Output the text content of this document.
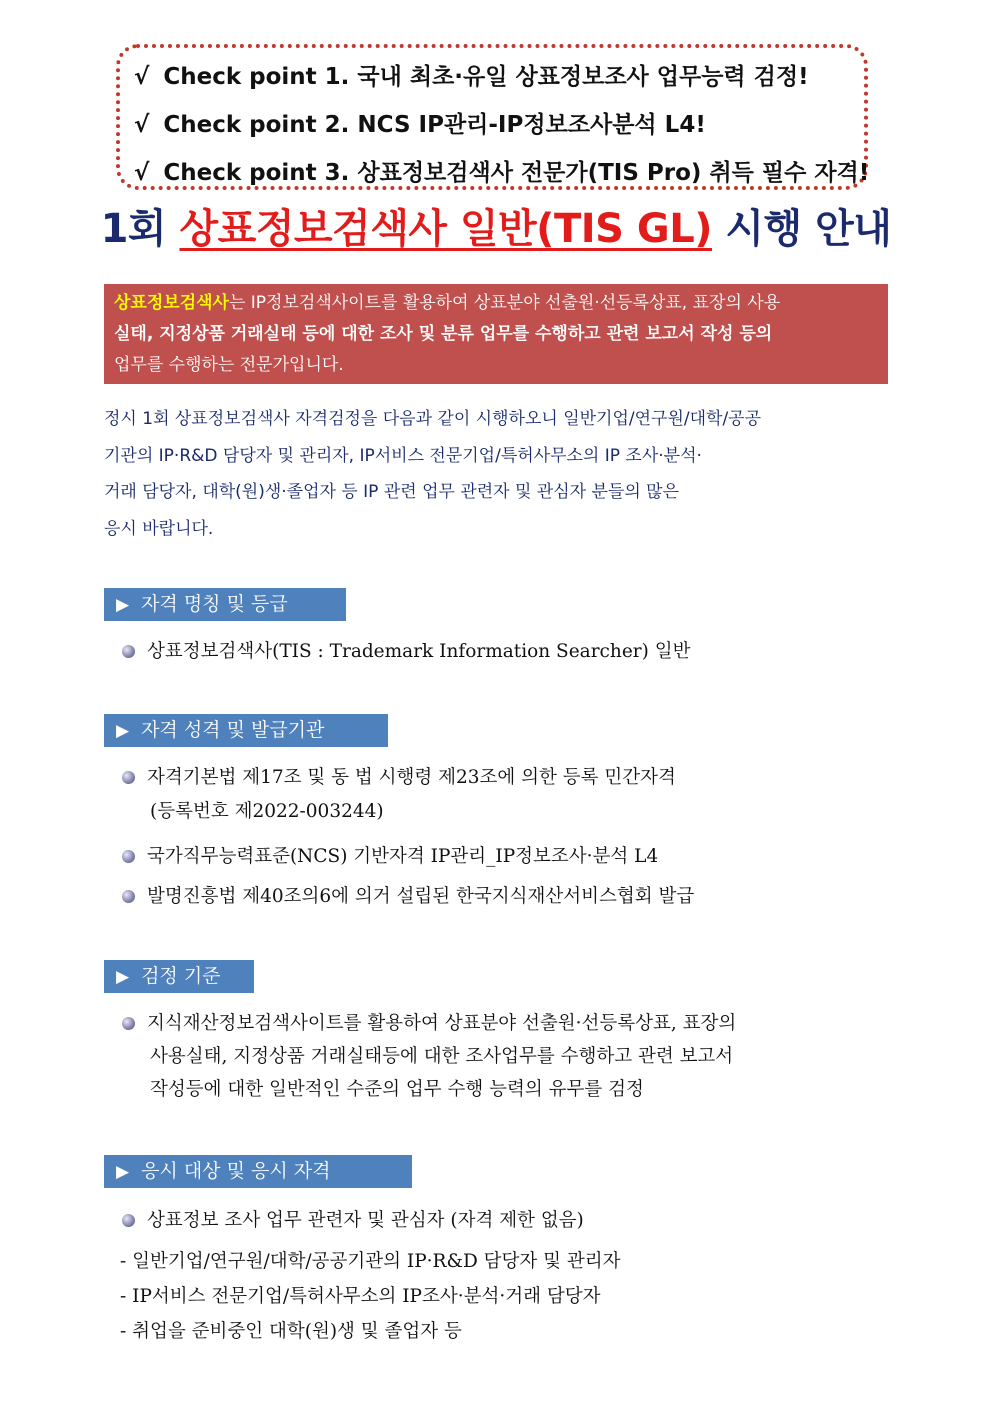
√ Check point 1. 국내 최초·유일 상표정보조사 업무능력 검정!
√ Check point 2. NCS IP관리-IP정보조사분석 L4!
√ Check point 3. 상표정보검색사 전문가(TIS Pro) 취득 필수 자격!
1회 상표정보검색사 일반(TIS GL) 시행 안내
상표정보검색사는 IP정보검색사이트를 활용하여 상표분야 선출원·선등록상표, 표장의 사용
실태, 지정상품 거래실태 등에 대한 조사 및 분류 업무를 수행하고 관련 보고서 작성 등의
업무를 수행하는 전문가입니다.
정시 1회 상표정보검색사 자격검정을 다음과 같이 시행하오니 일반기업/연구원/대학/공공
기관의 IP·R&D 담당자 및 관리자, IP서비스 전문기업/특허사무소의 IP 조사·분석·
거래 담당자, 대학(원)생·졸업자 등 IP 관련 업무 관련자 및 관심자 분들의 많은
응시 바랍니다.
▶ 자격 명칭 및 등급
상표정보검색사(TIS : Trademark Information Searcher) 일반
▶ 자격 성격 및 발급기관
자격기본법 제17조 및 동 법 시행령 제23조에 의한 등록 민간자격
(등록번호 제2022-003244)
국가직무능력표준(NCS) 기반자격 IP관리_IP정보조사·분석 L4
발명진흥법 제40조의6에 의거 설립된 한국지식재산서비스협회 발급
▶ 검정 기준
지식재산정보검색사이트를 활용하여 상표분야 선출원·선등록상표, 표장의
사용실태, 지정상품 거래실태등에 대한 조사업무를 수행하고 관련 보고서
작성등에 대한 일반적인 수준의 업무 수행 능력의 유무를 검정
▶ 응시 대상 및 응시 자격
상표정보 조사 업무 관련자 및 관심자 (자격 제한 없음)
- 일반기업/연구원/대학/공공기관의 IP·R&D 담당자 및 관리자
- IP서비스 전문기업/특허사무소의 IP조사·분석·거래 담당자
- 취업을 준비중인 대학(원)생 및 졸업자 등
